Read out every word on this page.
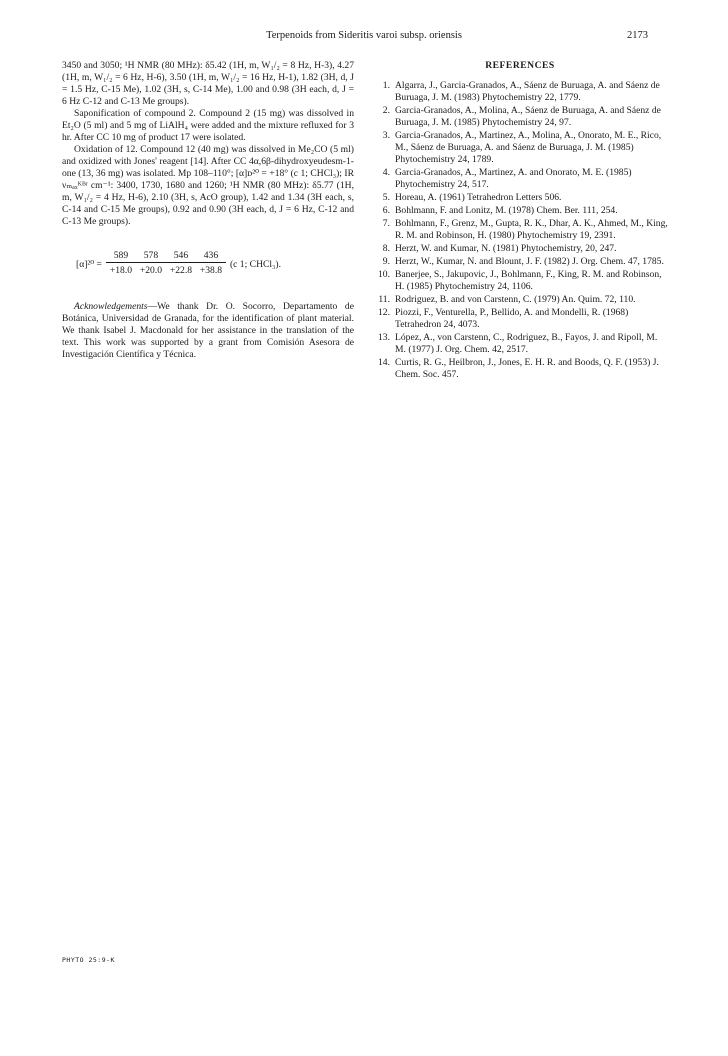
Terpenoids from Sideritis varoi subsp. oriensis	2173

3450 and 3050; ¹H NMR (80 MHz): δ5.42 (1H, m, W₁/₂ = 8 Hz, H-3), 4.27 (1H, m, W₁/₂ = 6 Hz, H-6), 3.50 (1H, m, W₁/₂ = 16 Hz, H-1), 1.82 (3H, d, J = 1.5 Hz, C-15 Me), 1.02 (3H, s, C-14 Me), 1.00 and 0.98 (3H each, d, J = 6 Hz C-12 and C-13 Me groups).

Saponification of compound 2. Compound 2 (15 mg) was dissolved in Et₂O (5 ml) and 5 mg of LiAlH₄ were added and the mixture refluxed for 3 hr. After CC 10 mg of product 17 were isolated.

Oxidation of 12. Compound 12 (40 mg) was dissolved in Me₂CO (5 ml) and oxidized with Jones' reagent [14]. After CC 4α,6β-dihydroxyeudesm-1-one (13, 36 mg) was isolated. Mp 108–110°; [α]ᴅ²⁰ = +18° (c 1; CHCl₃); IR νₘₐₓᴷᴮʳ cm⁻¹: 3400, 1730, 1680 and 1260; ¹H NMR (80 MHz): δ5.77 (1H, m, W₁/₂ = 4 Hz, H-6), 2.10 (3H, s, AcO group), 1.42 and 1.34 (3H each, s, C-14 and C-15 Me groups), 0.92 and 0.90 (3H each, d, J = 6 Hz, C-12 and C-13 Me groups).

[α]²⁰ = 589	578	546	436
+18.0 +20.0 +22.8 +38.8 (c 1; CHCl₃).

Acknowledgements—We thank Dr. O. Socorro, Departamento de Botánica, Universidad de Granada, for the identification of plant material. We thank Isabel J. Macdonald for her assistance in the translation of the text. This work was supported by a grant from Comisión Asesora de Investigación Científica y Técnica.

REFERENCES
1. Algarra, J., Garcia-Granados, A., Sáenz de Buruaga, A. and Sáenz de Buruaga, J. M. (1983) Phytochemistry 22, 1779.
2. Garcia-Granados, A., Molina, A., Sáenz de Buruaga, A. and Sáenz de Buruaga, J. M. (1985) Phytochemistry 24, 97.
3. Garcia-Granados, A., Martinez, A., Molina, A., Onorato, M. E., Rico, M., Sáenz de Buruaga, A. and Sáenz de Buruaga, J. M. (1985) Phytochemistry 24, 1789.
4. Garcia-Granados, A., Martinez, A. and Onorato, M. E. (1985) Phytochemistry 24, 517.
5. Horeau, A. (1961) Tetrahedron Letters 506.
6. Bohlmann, F. and Lonitz, M. (1978) Chem. Ber. 111, 254.
7. Bohlmann, F., Grenz, M., Gupta, R. K., Dhar, A. K., Ahmed, M., King, R. M. and Robinson, H. (1980) Phytochemistry 19, 2391.
8. Herzt, W. and Kumar, N. (1981) Phytochemistry, 20, 247.
9. Herzt, W., Kumar, N. and Blount, J. F. (1982) J. Org. Chem. 47, 1785.
10. Banerjee, S., Jakupovic, J., Bohlmann, F., King, R. M. and Robinson, H. (1985) Phytochemistry 24, 1106.
11. Rodriguez, B. and von Carstenn, C. (1979) An. Quim. 72, 110.
12. Piozzi, F., Venturella, P., Bellido, A. and Mondelli, R. (1968) Tetrahedron 24, 4073.
13. López, A., von Carstenn, C., Rodriguez, B., Fayos, J. and Ripoll, M. M. (1977) J. Org. Chem. 42, 2517.
14. Curtis, R. G., Heilbron, J., Jones, E. H. R. and Boods, Q. F. (1953) J. Chem. Soc. 457.
PHYTO 25:9-K
